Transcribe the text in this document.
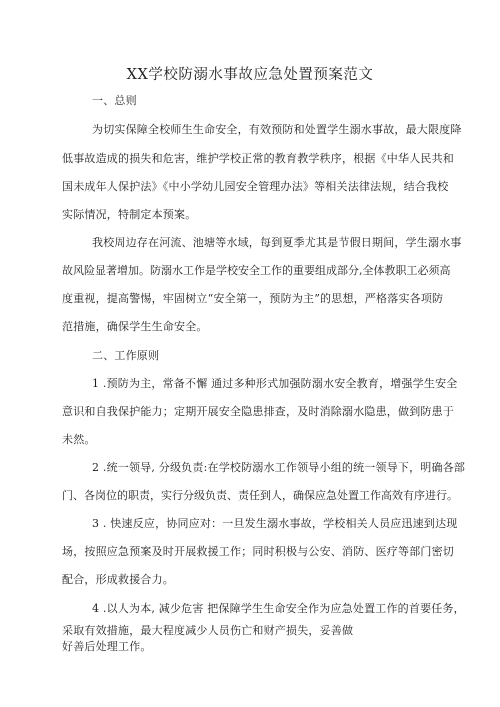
XX学校防溺水事故应急处置预案范文
一、总则
为切实保障全校师生生命安全，有效预防和处置学生溺水事故，最大限度降
低事故造成的损失和危害，维护学校正常的教育教学秩序，根据《中华人民共和
国未成年人保护法》《中小学幼儿园安全管理办法》等相关法律法规，结合我校
实际情况，特制定本预案。
我校周边存在河流、池塘等水域，每到夏季尤其是节假日期间，学生溺水事
故风险显著增加。防溺水工作是学校安全工作的重要组成部分,全体教职工必须高
度重视，提高警惕，牢固树立“安全第一，预防为主”的思想，严格落实各项防
范措施，确保学生生命安全。
二、工作原则
1 .预防为主，常备不懈 通过多种形式加强防溺水安全教育，增强学生安全
意识和自我保护能力；定期开展安全隐患排查，及时消除溺水隐患，做到防患于
未然。
2 .统一领导, 分级负责:在学校防溺水工作领导小组的统一领导下，明确各部
门、各岗位的职责，实行分级负责、责任到人，确保应急处置工作高效有序进行。
3 . 快速反应，协同应对：一旦发生溺水事故，学校相关人员应迅速到达现
场，按照应急预案及时开展救援工作；同时积极与公安、消防、医疗等部门密切
配合，形成救援合力。
4 .以人为本, 减少危害 把保障学生生命安全作为应急处置工作的首要任务，
采取有效措施，最大程度减少人员伤亡和财产损失，妥善做
好善后处理工作。
